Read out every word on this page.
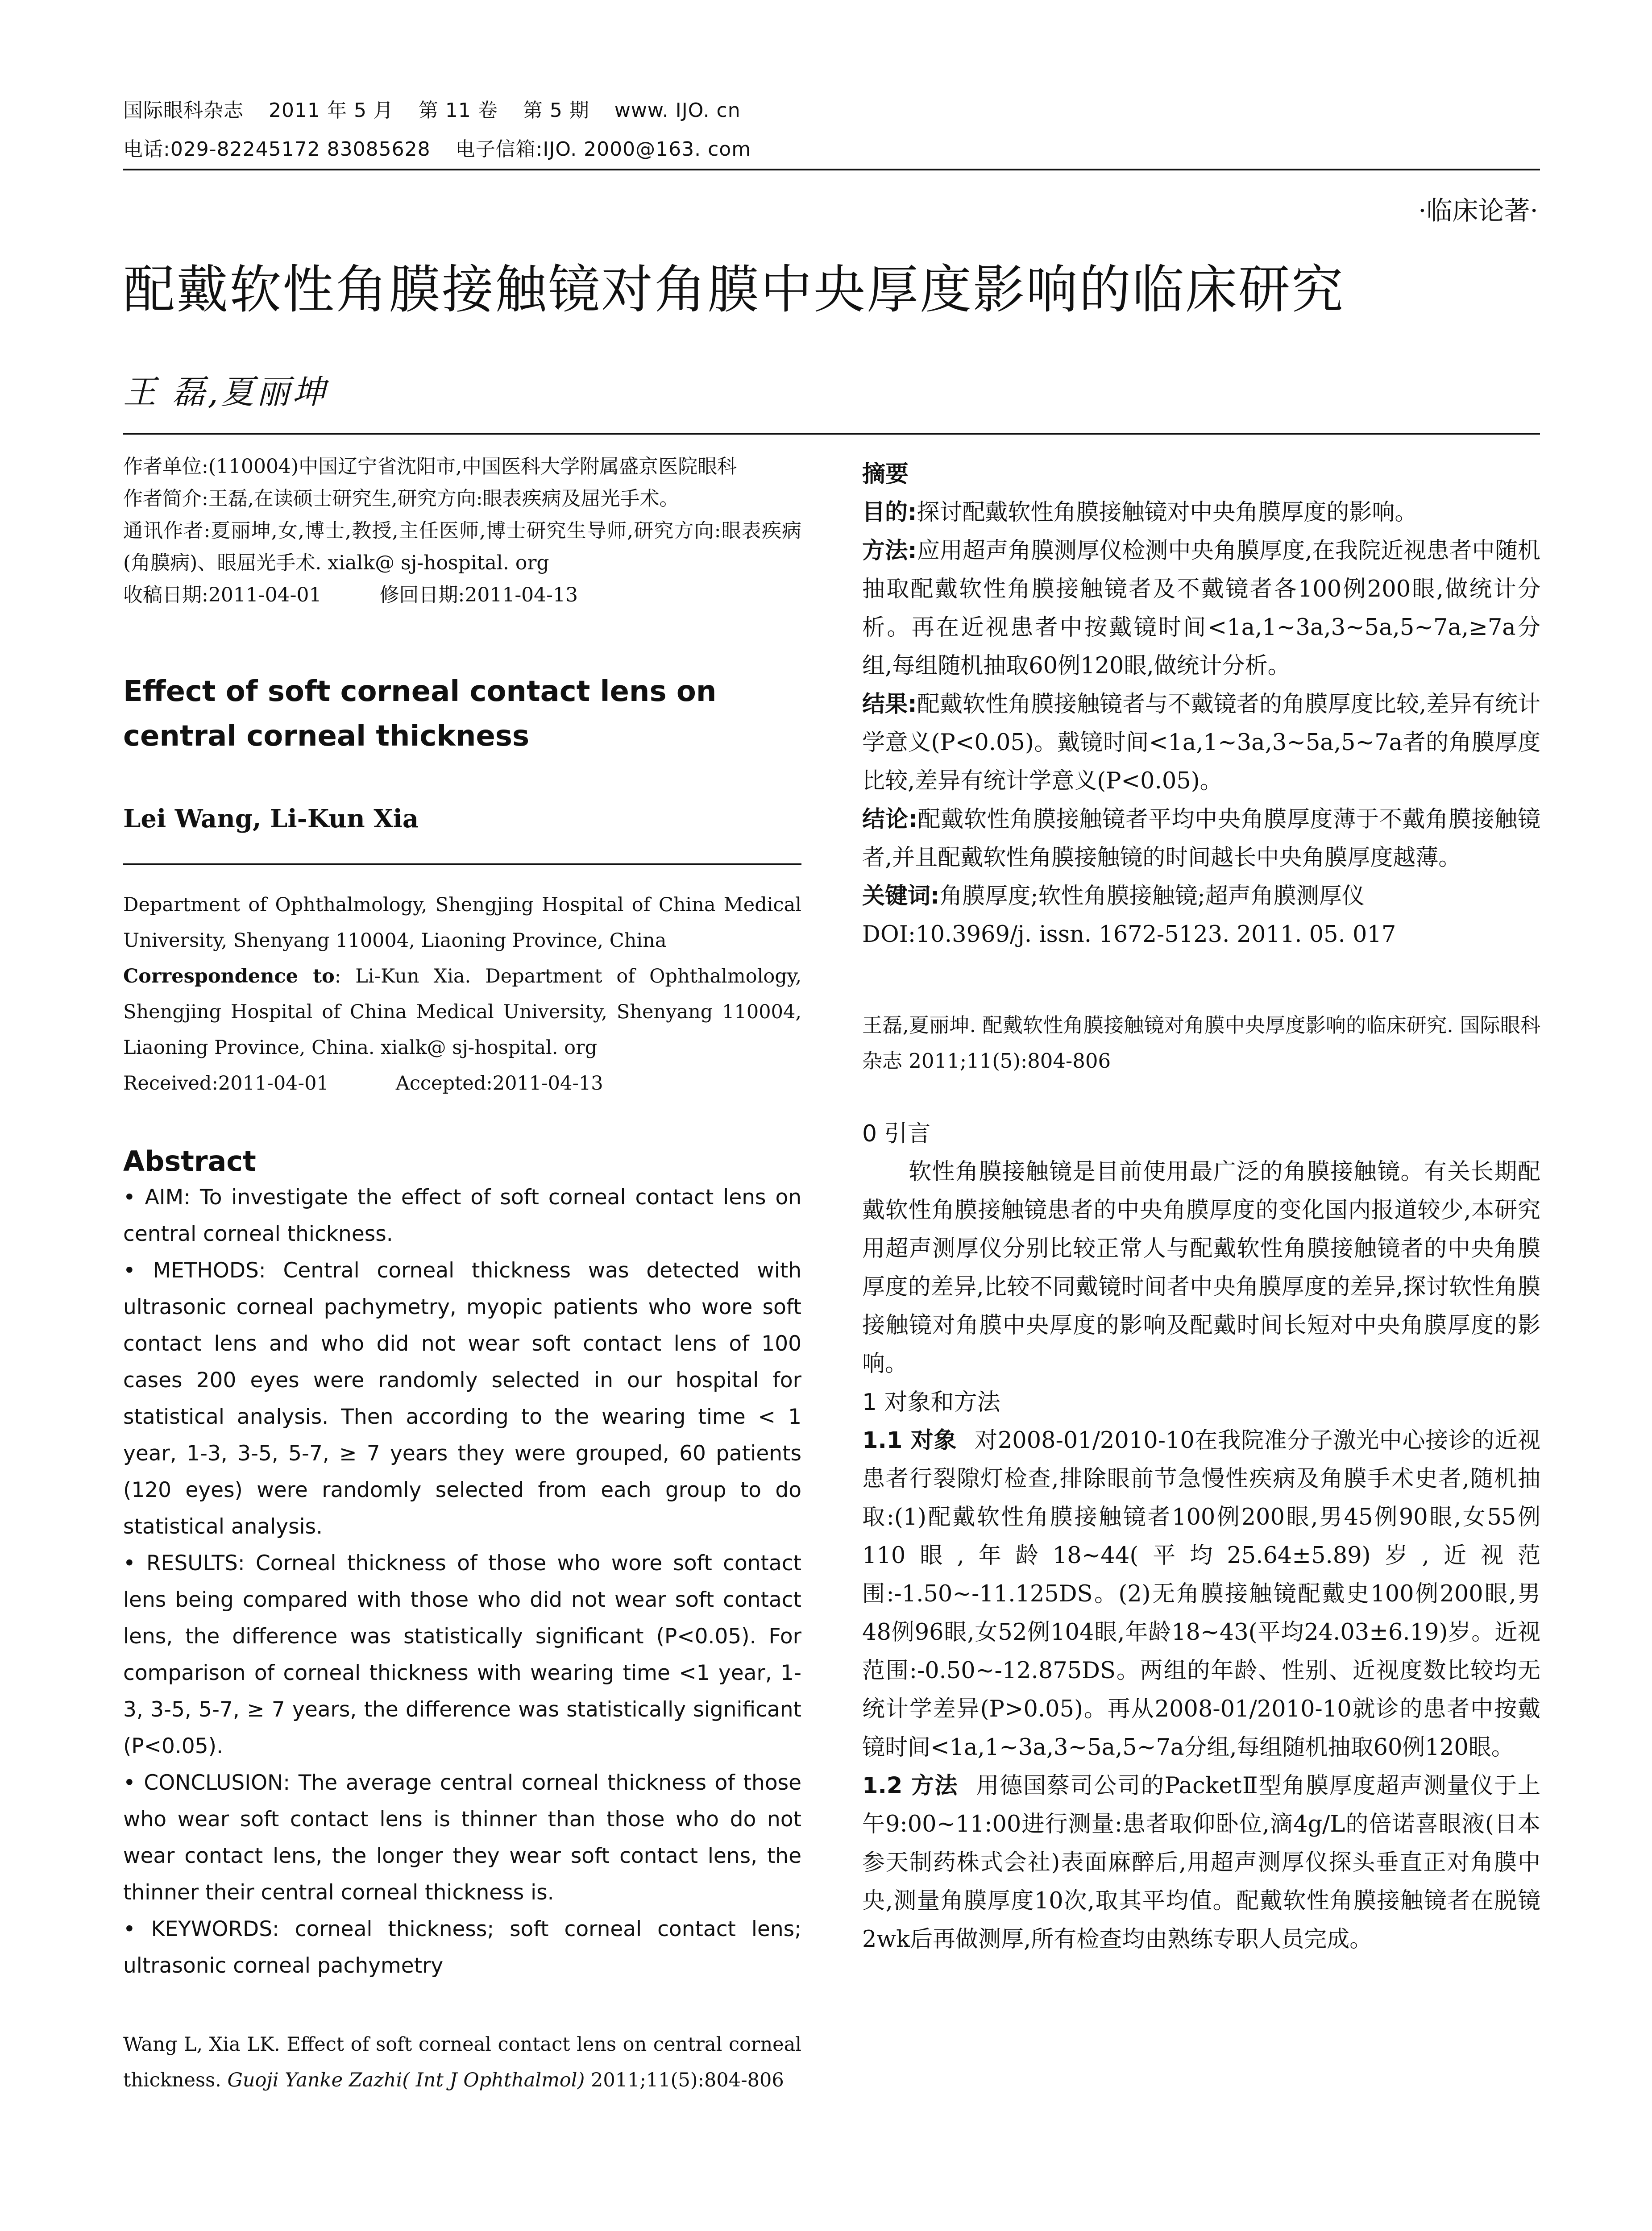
国际眼科杂志 2011 年 5 月 第 11 卷 第 5 期 www. IJO. cn
电话:029-82245172 83085628 电子信箱:IJO. 2000@163. com
·临床论著·
配戴软性角膜接触镜对角膜中央厚度影响的临床研究
王 磊,夏丽坤

作者单位:(110004)中国辽宁省沈阳市,中国医科大学附属盛京医院眼科

作者简介:王磊,在读硕士研究生,研究方向:眼表疾病及屈光手术。

通讯作者:夏丽坤,女,博士,教授,主任医师,博士研究生导师,研究方向:眼表疾病(角膜病)、眼屈光手术. xialk@ sj-hospital. org

收稿日期:2011-04-01	修回日期:2011-04-13

Effect of soft corneal contact lens on central corneal thickness
Lei Wang, Li-Kun Xia

Department of Ophthalmology, Shengjing Hospital of China Medical University, Shenyang 110004, Liaoning Province, China

Correspondence to: Li-Kun Xia. Department of Ophthalmology, Shengjing Hospital of China Medical University, Shenyang 110004, Liaoning Province, China. xialk@ sj-hospital. org

Received:2011-04-01	Accepted:2011-04-13

Abstract

• AIM: To investigate the effect of soft corneal contact lens on central corneal thickness.

• METHODS: Central corneal thickness was detected with ultrasonic corneal pachymetry, myopic patients who wore soft contact lens and who did not wear soft contact lens of 100 cases 200 eyes were randomly selected in our hospital for statistical analysis. Then according to the wearing time < 1 year, 1-3, 3-5, 5-7, ≥ 7 years they were grouped, 60 patients (120 eyes) were randomly selected from each group to do statistical analysis.

• RESULTS: Corneal thickness of those who wore soft contact lens being compared with those who did not wear soft contact lens, the difference was statistically significant (P<0.05). For comparison of corneal thickness with wearing time <1 year, 1-3, 3-5, 5-7, ≥ 7 years, the difference was statistically significant (P<0.05).

• CONCLUSION: The average central corneal thickness of those who wear soft contact lens is thinner than those who do not wear contact lens, the longer they wear soft contact lens, the thinner their central corneal thickness is.

• KEYWORDS: corneal thickness; soft corneal contact lens; ultrasonic corneal pachymetry

Wang L, Xia LK. Effect of soft corneal contact lens on central corneal thickness. Guoji Yanke Zazhi( Int J Ophthalmol) 2011;11(5):804-806

摘要

目的:探讨配戴软性角膜接触镜对中央角膜厚度的影响。

方法:应用超声角膜测厚仪检测中央角膜厚度,在我院近视患者中随机抽取配戴软性角膜接触镜者及不戴镜者各100例200眼,做统计分析。再在近视患者中按戴镜时间<1a,1~3a,3~5a,5~7a,≥7a分组,每组随机抽取60例120眼,做统计分析。

结果:配戴软性角膜接触镜者与不戴镜者的角膜厚度比较,差异有统计学意义(P<0.05)。戴镜时间<1a,1~3a,3~5a,5~7a者的角膜厚度比较,差异有统计学意义(P<0.05)。

结论:配戴软性角膜接触镜者平均中央角膜厚度薄于不戴角膜接触镜者,并且配戴软性角膜接触镜的时间越长中央角膜厚度越薄。

关键词:角膜厚度;软性角膜接触镜;超声角膜测厚仪

DOI:10.3969/j. issn. 1672-5123. 2011. 05. 017

王磊,夏丽坤. 配戴软性角膜接触镜对角膜中央厚度影响的临床研究. 国际眼科杂志 2011;11(5):804-806

0 引言

软性角膜接触镜是目前使用最广泛的角膜接触镜。有关长期配戴软性角膜接触镜患者的中央角膜厚度的变化国内报道较少,本研究用超声测厚仪分别比较正常人与配戴软性角膜接触镜者的中央角膜厚度的差异,比较不同戴镜时间者中央角膜厚度的差异,探讨软性角膜接触镜对角膜中央厚度的影响及配戴时间长短对中央角膜厚度的影响。

1 对象和方法

1.1 对象 对2008-01/2010-10在我院准分子激光中心接诊的近视患者行裂隙灯检查,排除眼前节急慢性疾病及角膜手术史者,随机抽取:(1)配戴软性角膜接触镜者100例200眼,男45例90眼,女55例110眼,年龄18~44(平均25.64±5.89)岁,近视范围:-1.50~-11.125DS。(2)无角膜接触镜配戴史100例200眼,男48例96眼,女52例104眼,年龄18~43(平均24.03±6.19)岁。近视范围:-0.50~-12.875DS。两组的年龄、性别、近视度数比较均无统计学差异(P>0.05)。再从2008-01/2010-10就诊的患者中按戴镜时间<1a,1~3a,3~5a,5~7a分组,每组随机抽取60例120眼。

1.2 方法 用德国蔡司公司的PacketⅡ型角膜厚度超声测量仪于上午9:00~11:00进行测量:患者取仰卧位,滴4g/L的倍诺喜眼液(日本参天制药株式会社)表面麻醉后,用超声测厚仪探头垂直正对角膜中央,测量角膜厚度10次,取其平均值。配戴软性角膜接触镜者在脱镜2wk后再做测厚,所有检查均由熟练专职人员完成。
